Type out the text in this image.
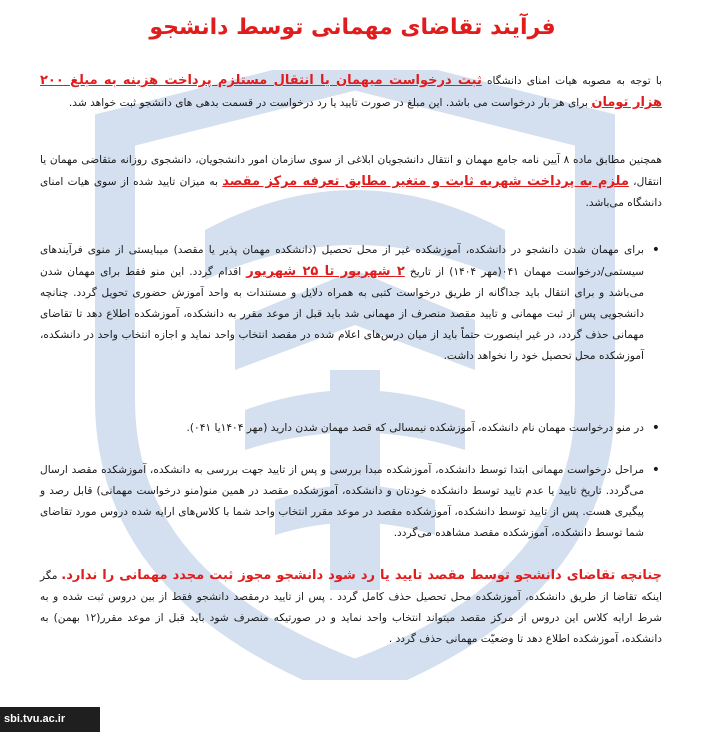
فرآیند تقاضای مهمانی توسط دانشجو
با توجه به مصوبه هیات امنای دانشگاه ثبت درخواست میهمان یا انتقال مستلزم پرداخت هزینه به مبلغ ۲۰۰ هزار تومان برای هر بار درخواست می باشد. این مبلغ در صورت تایید یا رد درخواست در قسمت بدهی های دانشجو ثبت خواهد شد.
همچنین مطابق ماده ۸ آیین نامه جامع مهمان و انتقال دانشجویان ابلاغی از سوی سازمان امور دانشجویان، دانشجوی روزانه متقاضی مهمان یا انتقال، ملزم به پرداخت شهریه ثابت و متغیر مطابق تعرفه مرکز مقصد به میزان تایید شده از سوی هیات امنای دانشگاه می‌باشد.
• برای مهمان شدن دانشجو در دانشکده، آموزشکده غیر از محل تحصیل (دانشکده مهمان پذیر یا مقصد) میبایستی از منوی فرآیندهای سیستمی/درخواست مهمان ۰۴۱(مهر ۱۴۰۴) از تاریخ ۲ شهریور تا ۲۵ شهریور اقدام گردد. این منو فقط برای مهمان شدن می‌باشد و برای انتقال باید جداگانه از طریق درخواست کتبی به همراه دلایل و مستندات به واحد آموزش حضوری تحویل گردد. چنانچه دانشجویی پس از ثبت مهمانی و تایید مقصد منصرف از مهمانی شد باید قبل از موعد مقرر به دانشکده، آموزشکده اطلاع دهد تا تقاضای مهمانی حذف گردد، در غیر اینصورت حتماً باید از میان درس‌های اعلام شده در مقصد انتخاب واحد نماید و اجازه انتخاب واحد در دانشکده، آموزشکده محل تحصیل خود را نخواهد داشت.
• در منو درخواست مهمان نام دانشکده، آموزشکده نیمسالی که قصد مهمان شدن دارید (مهر ۱۴۰۴یا ۰۴۱).
• مراحل درخواست مهمانی ابتدا توسط دانشکده، آموزشکده مبدا بررسی و پس از تایید جهت بررسی به دانشکده، آموزشکده مقصد ارسال می‌گردد. تاریخ تایید یا عدم تایید توسط دانشکده خودتان و دانشکده، آموزشکده مقصد در همین منو(منو درخواست مهمانی) قابل رصد و پیگیری هست. پس از تایید توسط دانشکده، آموزشکده مقصد در موعد مقرر انتخاب واحد شما با کلاس‌های ارایه شده دروس مورد تقاضای شما توسط دانشکده، آموزشکده مقصد مشاهده می‌گردد.
چنانچه تقاضای دانشجو توسط مقصد تایید یا رد شود دانشجو مجوز ثبت مجدد مهمانی را ندارد. مگر اینکه تقاضا از طریق دانشکده، آموزشکده محل تحصیل حذف کامل گردد . پس از تایید درمقصد دانشجو فقط از بین دروس ثبت شده و به شرط ارایه کلاس این دروس از مرکز مقصد میتواند انتخاب واحد نماید و در صورتیکه منصرف شود باید قبل از موعد مقرر(۱۲ بهمن) به دانشکده، آموزشکده اطلاع دهد تا وضعیّت مهمانی حذف گردد .
sbi.tvu.ac.ir
